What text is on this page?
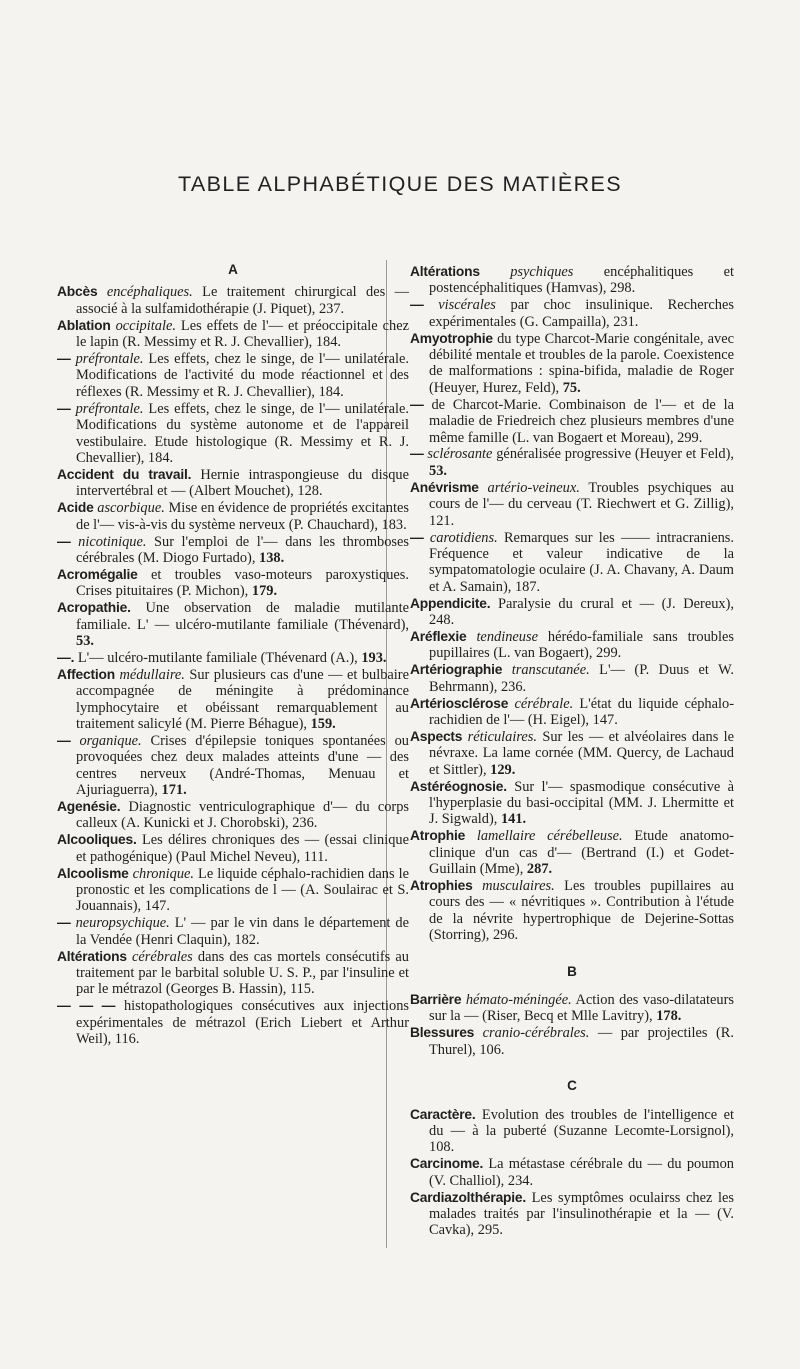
TABLE ALPHABÉTIQUE DES MATIÈRES
A
Abcès encéphaliques. Le traitement chirurgical des — associé à la sulfamidothérapie (J. Piquet), 237.
Ablation occipitale. Les effets de l'— et préoccipitale chez le lapin (R. Messimy et R. J. Chevallier), 184.
— préfrontale. Les effets, chez le singe, de l'— unilatérale. Modifications de l'activité du mode réactionnel et des réflexes (R. Messimy et R. J. Chevallier), 184.
— préfrontale. Les effets, chez le singe, de l'— unilatérale. Modifications du système autonome et de l'appareil vestibulaire. Etude histologique (R. Messimy et R. J. Chevallier), 184.
Accident du travail. Hernie intraspongieuse du disque intervertébral et — (Albert Mouchet), 128.
Acide ascorbique. Mise en évidence de propriétés excitantes de l'— vis-à-vis du système nerveux (P. Chauchard), 183.
— nicotinique. Sur l'emploi de l'— dans les thromboses cérébrales (M. Diogo Furtado), 138.
Acromégalie et troubles vaso-moteurs paroxystiques. Crises pituitaires (P. Michon), 179.
Acropathie. Une observation de maladie mutilante familiale. L' — ulcéro-mutilante familiale (Thévenard), 53.
—. L'— ulcéro-mutilante familiale (Thévenard (A.), 193.
Affection médullaire. Sur plusieurs cas d'une — et bulbaire accompagnée de méningite à prédominance lymphocytaire et obéissant remarquablement au traitement salicylé (M. Pierre Béhague), 159.
— organique. Crises d'épilepsie toniques spontanées ou provoquées chez deux malades atteints d'une — des centres nerveux (André-Thomas, Menuau et Ajuriaguerra), 171.
Agenésie. Diagnostic ventriculographique d'— du corps calleux (A. Kunicki et J. Chorobski), 236.
Alcooliques. Les délires chroniques des — (essai clinique et pathogénique) (Paul Michel Neveu), 111.
Alcoolisme chronique. Le liquide céphalo-rachidien dans le pronostic et les complications de l — (A. Soulairac et S. Jouannais), 147.
— neuropsychique. L' — par le vin dans le département de la Vendée (Henri Claquin), 182.
Altérations cérébrales dans des cas mortels consécutifs au traitement par le barbital soluble U. S. P., par l'insuline et par le métrazol (Georges B. Hassin), 115.
— — — histopathologiques consécutives aux injections expérimentales de métrazol (Erich Liebert et Arthur Weil), 116.
Altérations psychiques encéphalitiques et postencéphalitiques (Hamvas), 298.
— viscérales par choc insulinique. Recherches expérimentales (G. Campailla), 231.
Amyotrophie du type Charcot-Marie congénitale, avec débilité mentale et troubles de la parole. Coexistence de malformations : spina-bifida, maladie de Roger (Heuyer, Hurez, Feld), 75.
— de Charcot-Marie. Combinaison de l'— et de la maladie de Friedreich chez plusieurs membres d'une même famille (L. van Bogaert et Moreau), 299.
— sclérosante généralisée progressive (Heuyer et Feld), 53.
Anévrisme artério-veineux. Troubles psychiques au cours de l'— du cerveau (T. Riechwert et G. Zillig), 121.
— carotidiens. Remarques sur les —— intracraniens. Fréquence et valeur indicative de la sympatomatologie oculaire (J. A. Chavany, A. Daum et A. Samain), 187.
Appendicite. Paralysie du crural et — (J. Dereux), 248.
Aréflexie tendineuse hérédo-familiale sans troubles pupillaires (L. van Bogaert), 299.
Artériographie transcutanée. L'— (P. Duus et W. Behrmann), 236.
Artériosclérose cérébrale. L'état du liquide céphalo-rachidien de l'— (H. Eigel), 147.
Aspects réticulaires. Sur les — et alvéolaires dans le névraxe. La lame cornée (MM. Quercy, de Lachaud et Sittler), 129.
Astéréognosie. Sur l'— spasmodique consécutive à l'hyperplasie du basi-occipital (MM. J. Lhermitte et J. Sigwald), 141.
Atrophie lamellaire cérébelleuse. Etude anatomo-clinique d'un cas d'— (Bertrand (I.) et Godet-Guillain (Mme), 287.
Atrophies musculaires. Les troubles pupillaires au cours des — « névritiques ». Contribution à l'étude de la névrite hypertrophique de Dejerine-Sottas (Storring), 296.
B
Barrière hémato-méningée. Action des vaso-dilatateurs sur la — (Riser, Becq et Mlle Lavitry), 178.
Blessures cranio-cérébrales. — par projectiles (R. Thurel), 106.
C
Caractère. Evolution des troubles de l'intelligence et du — à la puberté (Suzanne Lecomte-Lorsignol), 108.
Carcinome. La métastase cérébrale du — du poumon (V. Challiol), 234.
Cardiazolthérapie. Les symptômes oculairss chez les malades traités par l'insulinothérapie et la — (V. Cavka), 295.
